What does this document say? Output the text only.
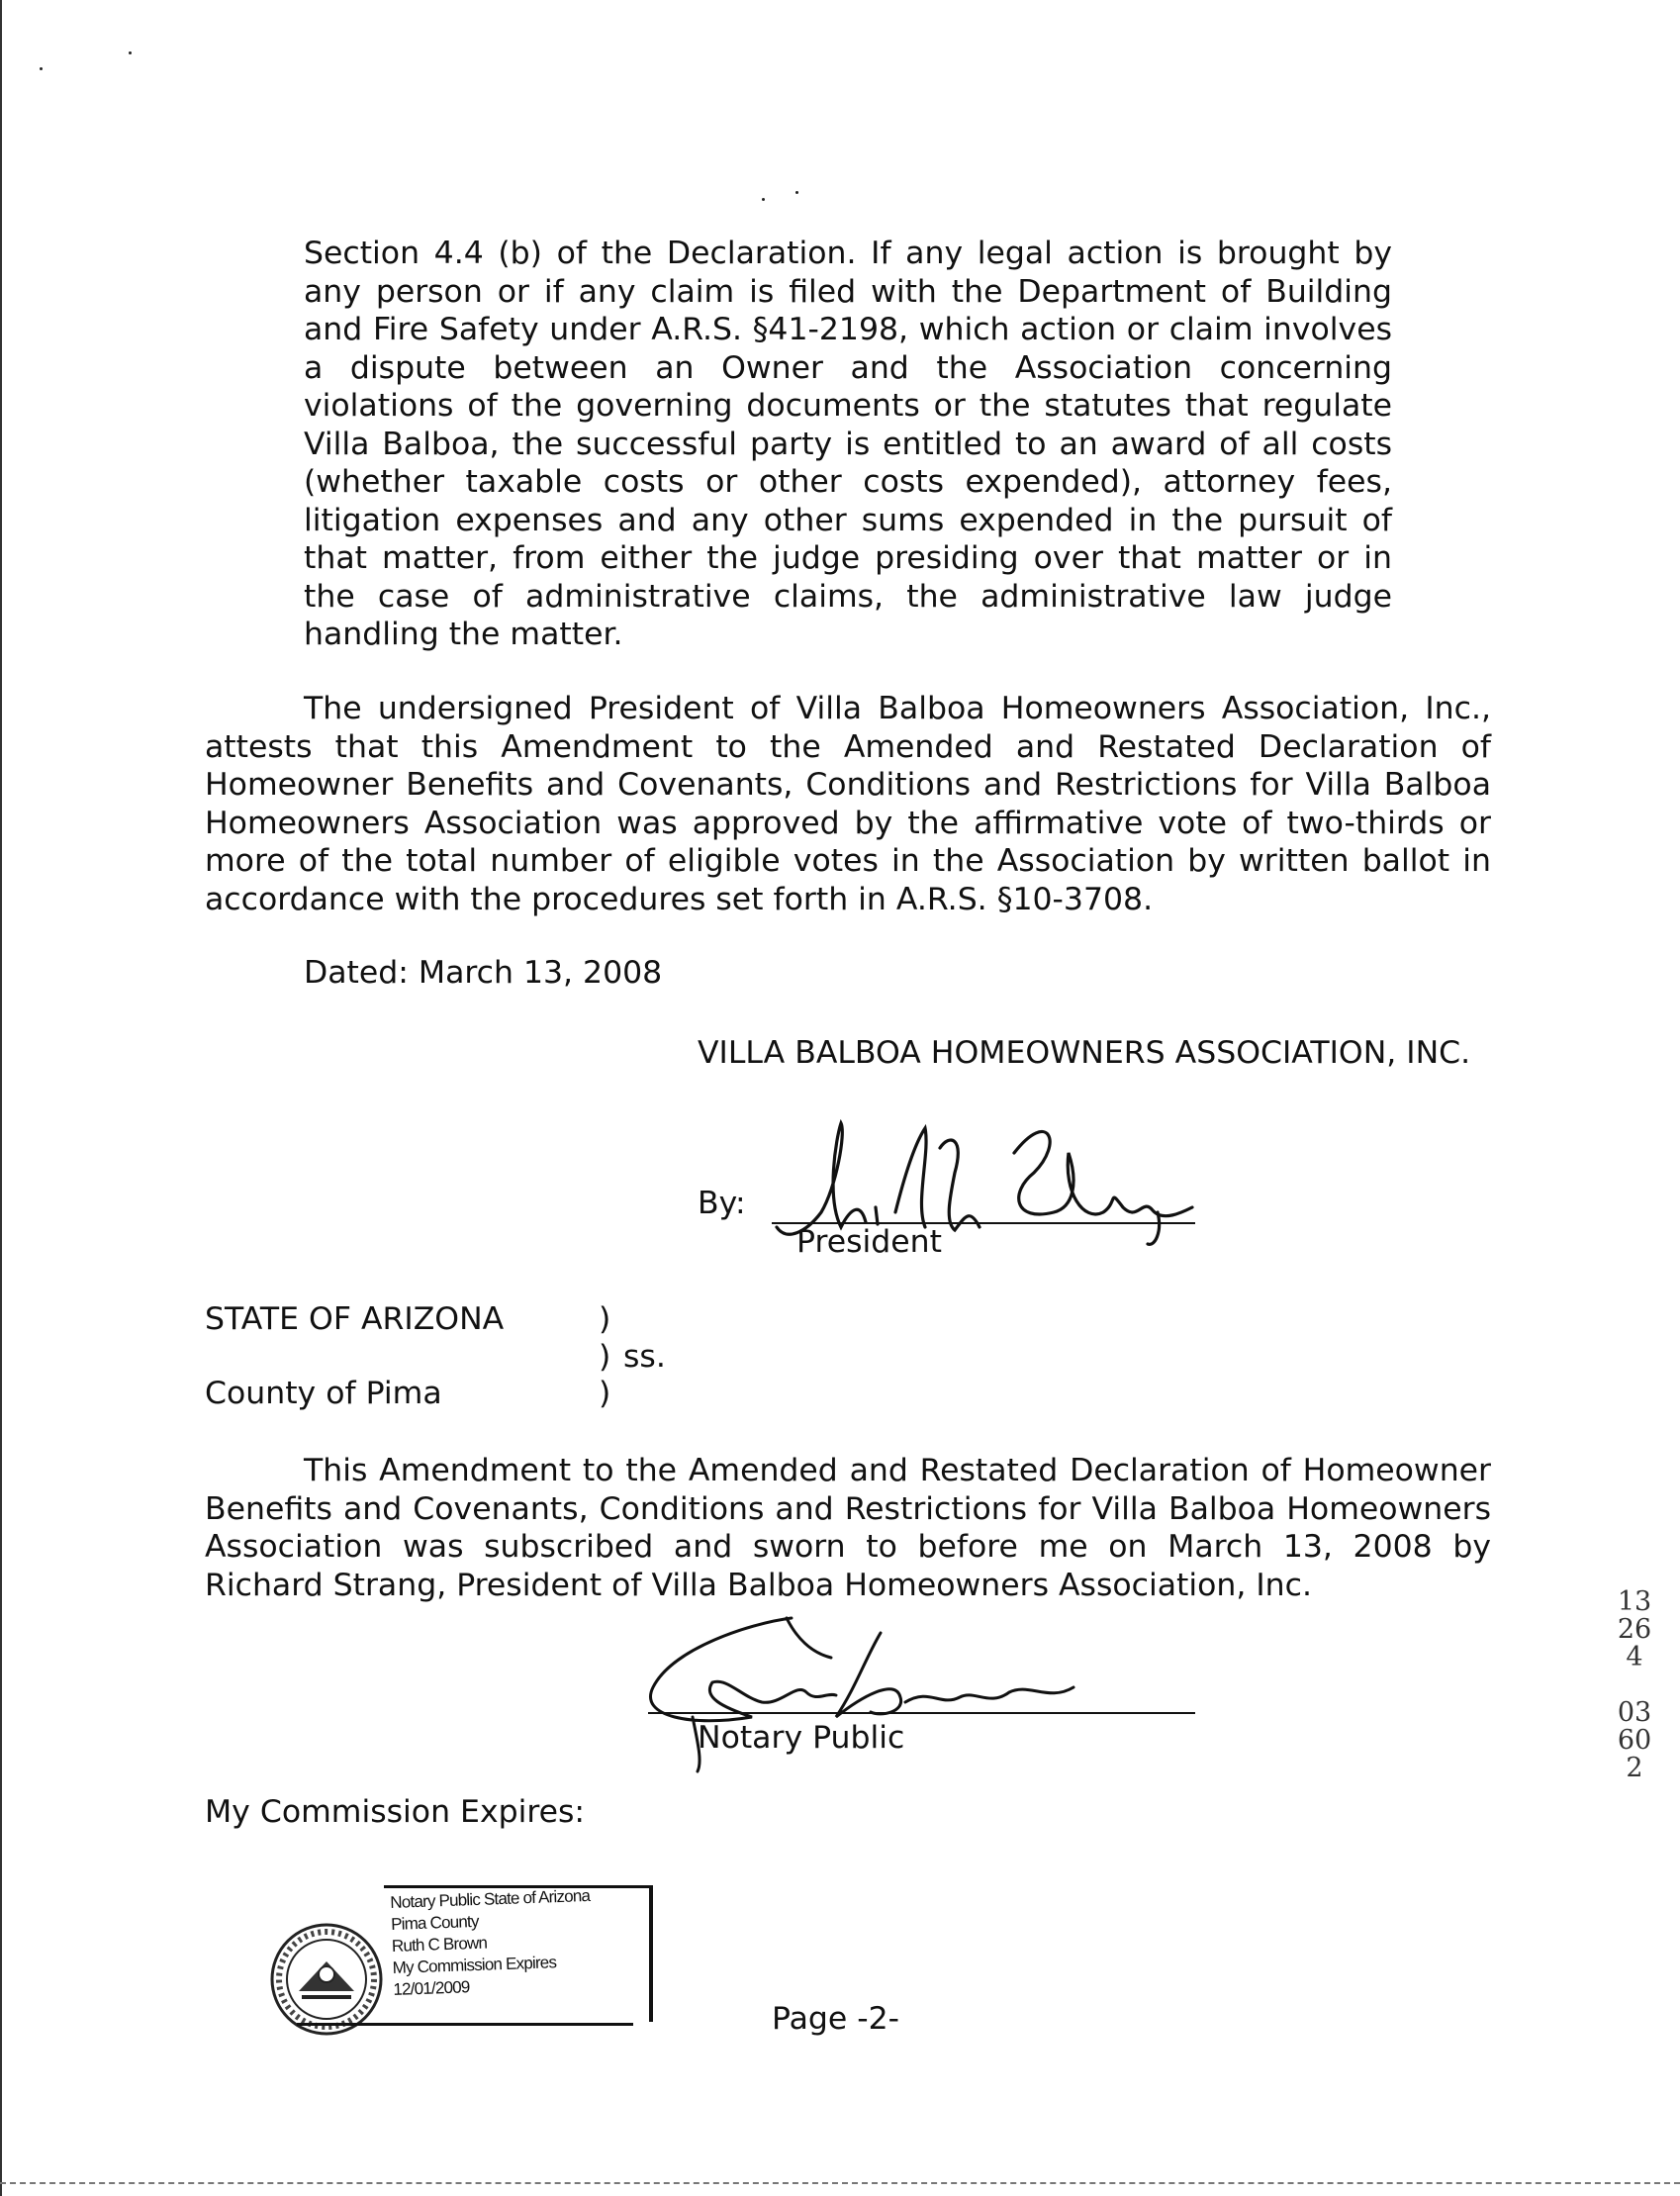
Section 4.4 (b) of the Declaration. If any legal action is brought by any person or if any claim is filed with the Department of Building and Fire Safety under A.R.S. §41-2198, which action or claim involves a dispute between an Owner and the Association concerning violations of the governing documents or the statutes that regulate Villa Balboa, the successful party is entitled to an award of all costs (whether taxable costs or other costs expended), attorney fees, litigation expenses and any other sums expended in the pursuit of that matter, from either the judge presiding over that matter or in the case of administrative claims, the administrative law judge handling the matter.

The undersigned President of Villa Balboa Homeowners Association, Inc., attests that this Amendment to the Amended and Restated Declaration of Homeowner Benefits and Covenants, Conditions and Restrictions for Villa Balboa Homeowners Association was approved by the affirmative vote of two-thirds or more of the total number of eligible votes in the Association by written ballot in accordance with the procedures set forth in A.R.S. §10-3708.

Dated: March 13, 2008
VILLA BALBOA HOMEOWNERS ASSOCIATION, INC.
By:
President
STATE OF ARIZONA	)
) ss.
County of Pima	)

This Amendment to the Amended and Restated Declaration of Homeowner Benefits and Covenants, Conditions and Restrictions for Villa Balboa Homeowners Association was subscribed and sworn to before me on March 13, 2008 by Richard Strang, President of Villa Balboa Homeowners Association, Inc.

Notary Public
My Commission Expires:
Notary Public State of Arizona
Pima County
Ruth C Brown
My Commission Expires
12/01/2009
Page -2-
13264
03602
